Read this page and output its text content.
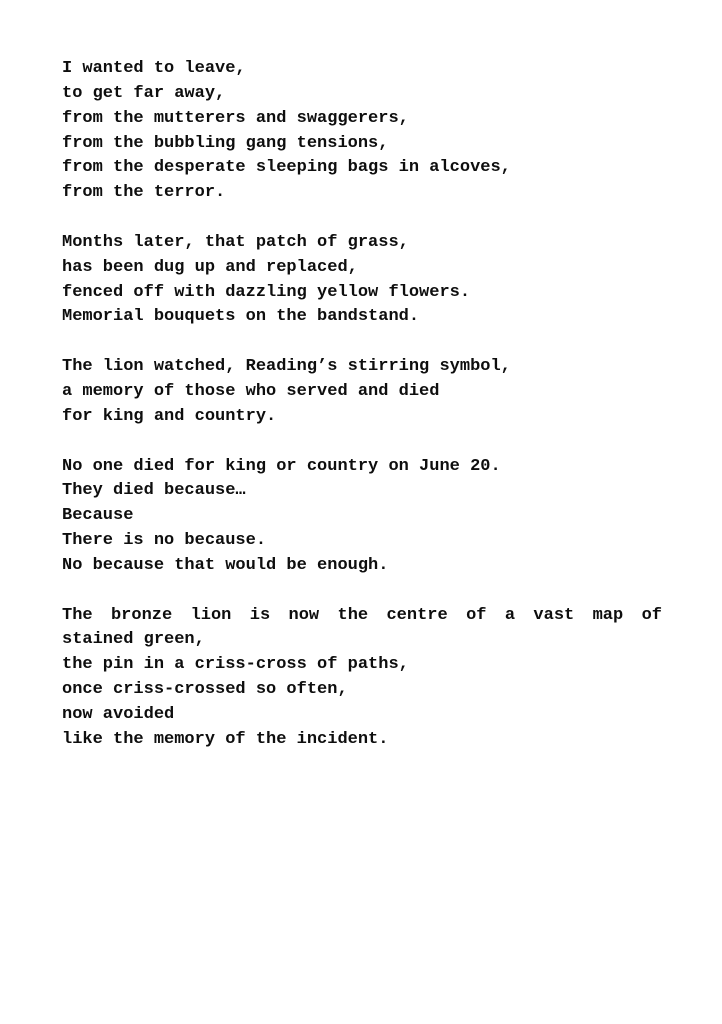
I wanted to leave,
to get far away,
from the mutterers and swaggerers,
from the bubbling gang tensions,
from the desperate sleeping bags in alcoves,
from the terror.
Months later, that patch of grass,
has been dug up and replaced,
fenced off with dazzling yellow flowers.
Memorial bouquets on the bandstand.
The lion watched, Reading’s stirring symbol,
a memory of those who served and died
for king and country.
No one died for king or country on June 20.
They died because…
Because
There is no because.
No because that would be enough.
The bronze lion is now the centre of a vast map of
stained green,
the pin in a criss-cross of paths,
once criss-crossed so often,
now avoided
like the memory of the incident.
